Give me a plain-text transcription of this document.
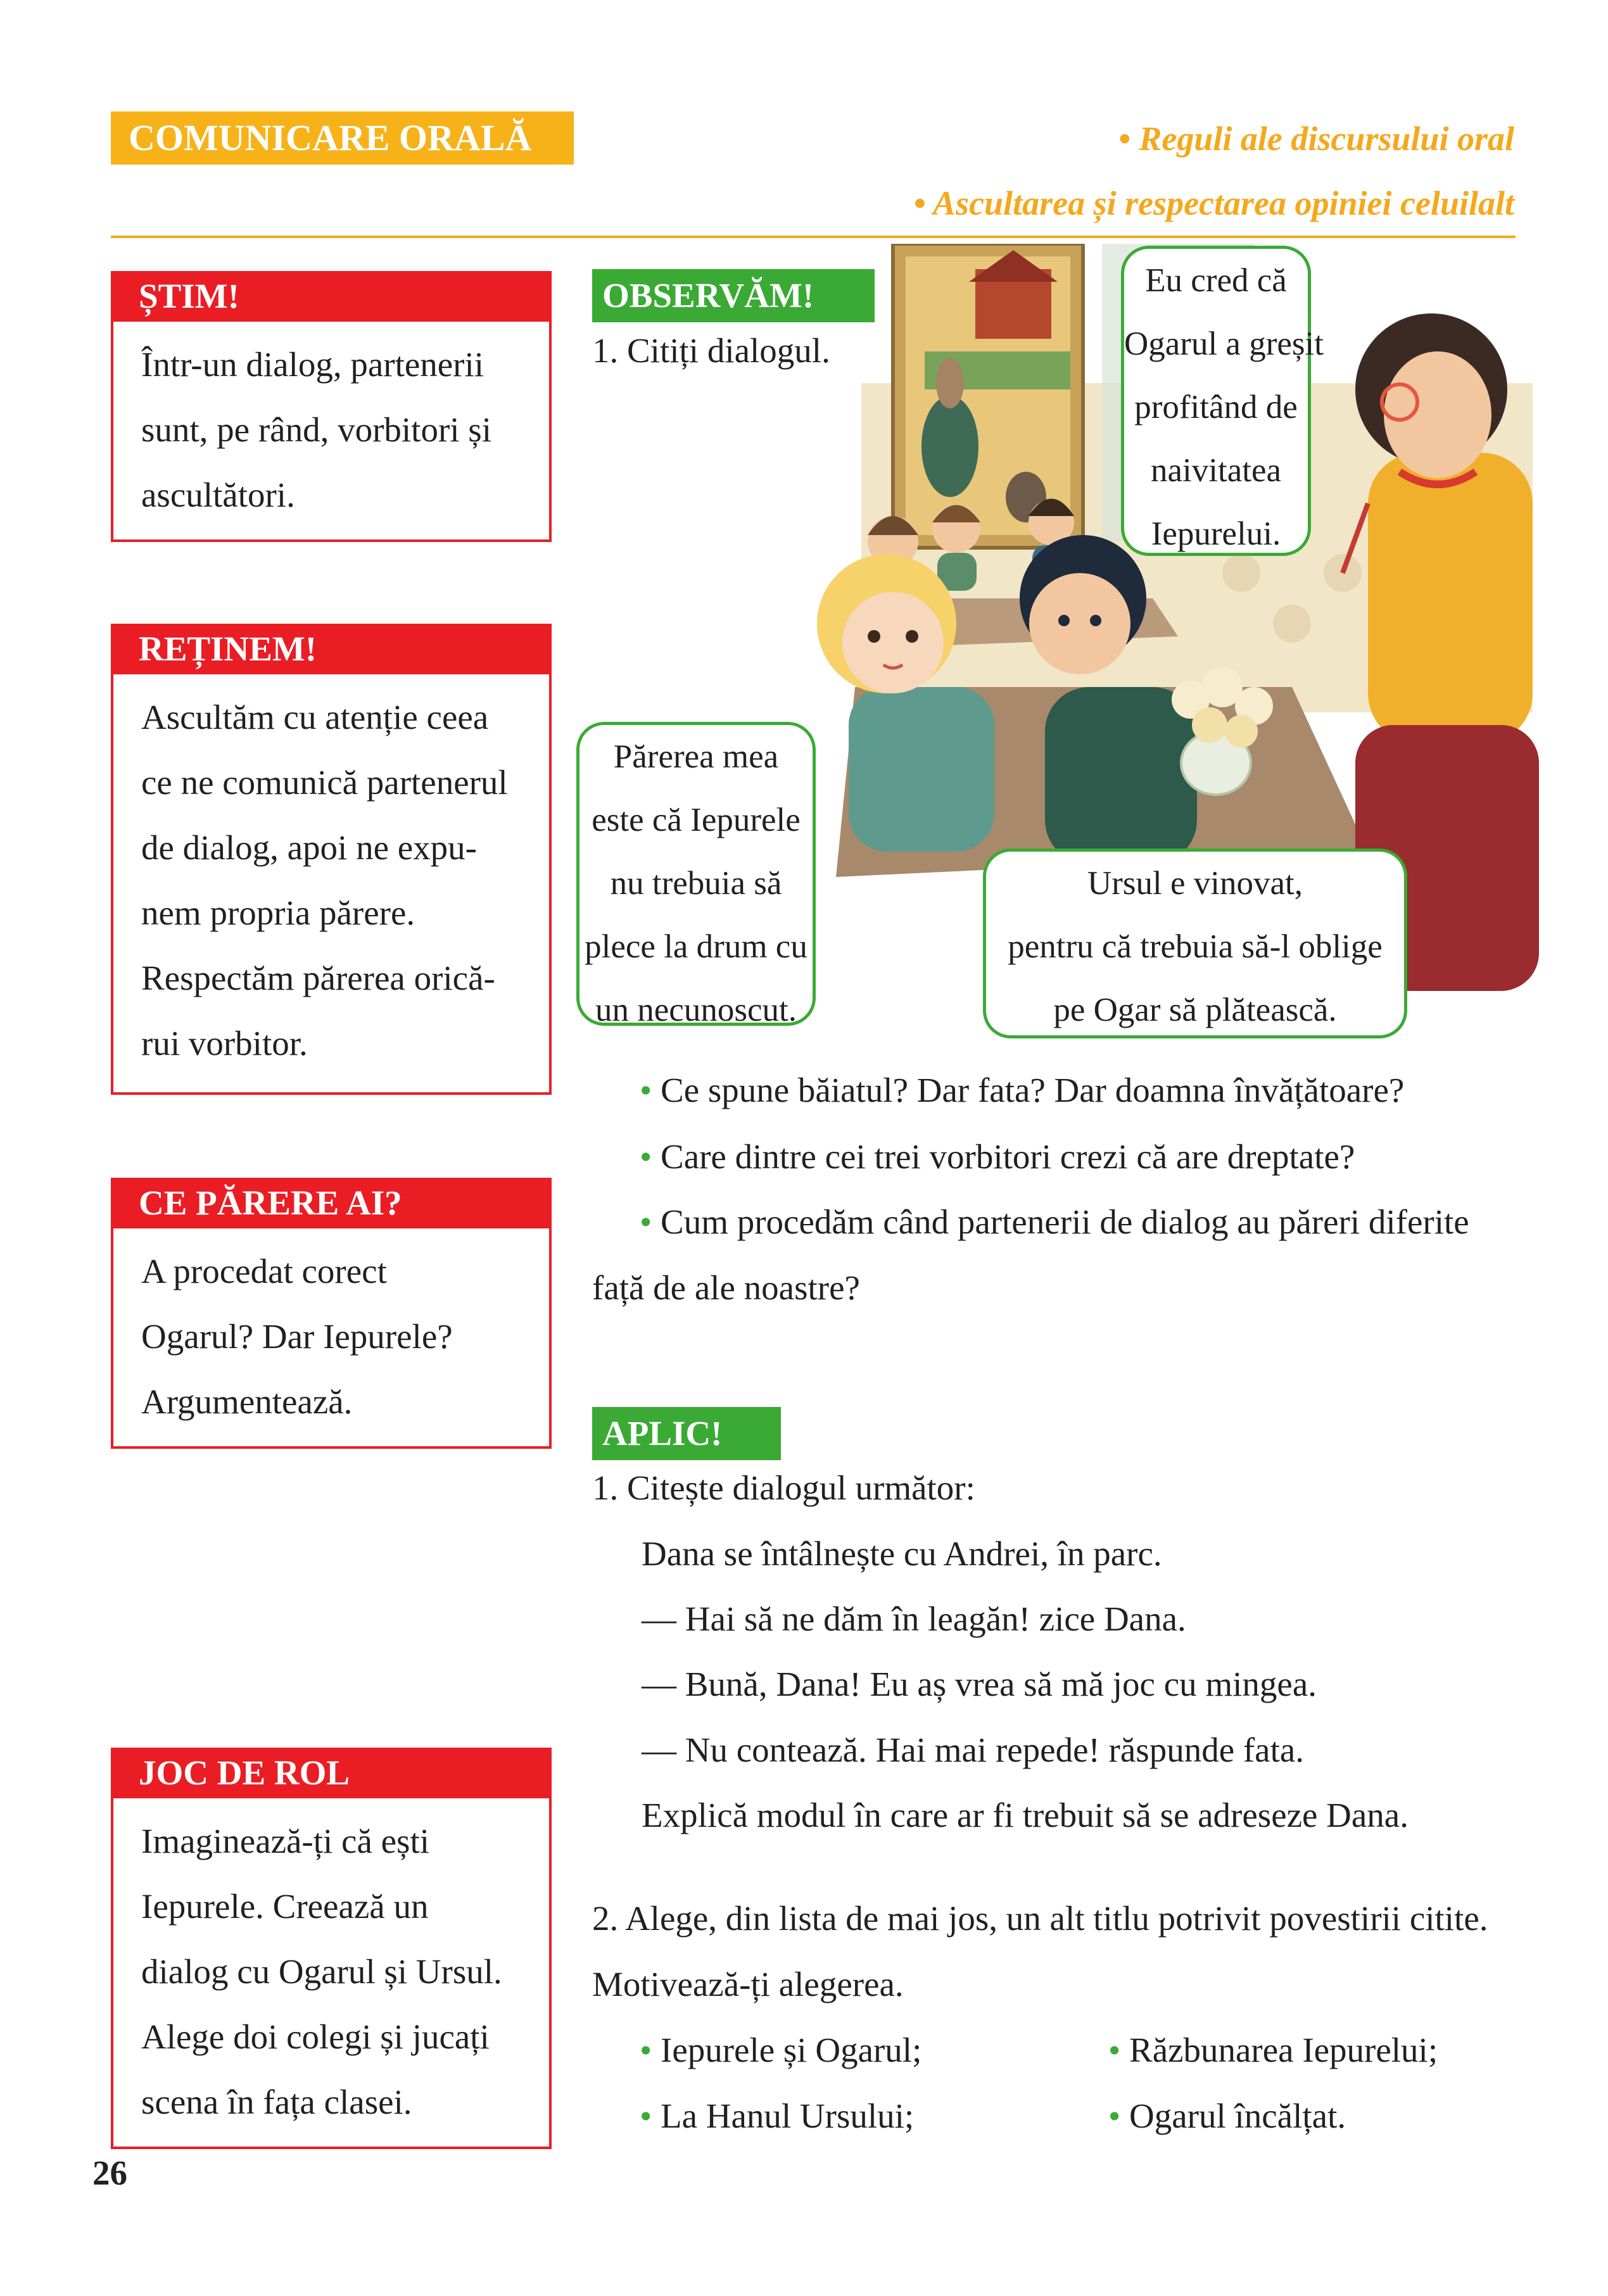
COMUNICARE ORALĂ	• Reguli ale discursului oral
• Ascultarea și respectarea opiniei celuilalt
ȘTIM!
Într-un dialog, partenerii
sunt, pe rând, vorbitori și
ascultători.
REȚINEM!
Ascultăm cu atenție ceea
ce ne comunică partenerul
de dialog, apoi ne expu-
nem propria părere.
Respectăm părerea orică-
rui vorbitor.
CE PĂRERE AI?
A procedat corect
Ogarul? Dar Iepurele?
Argumentează.
JOC DE ROL
Imaginează-ți că ești
Iepurele. Creează un
dialog cu Ogarul și Ursul.
Alege doi colegi și jucați
scena în fața clasei.
OBSERVĂM!
1. Citiți dialogul.
Eu cred că
Ogarul a greșit
profitând de
naivitatea
Iepurelui.
Părerea mea
este că Iepurele
nu trebuia să
plece la drum cu
un necunoscut.
Ursul e vinovat,
pentru că trebuia să-l oblige
pe Ogar să plătească.
• Ce spune băiatul? Dar fata? Dar doamna învățătoare?
• Care dintre cei trei vorbitori crezi că are dreptate?
• Cum procedăm când partenerii de dialog au păreri diferite
față de ale noastre?
APLIC!
1. Citește dialogul următor:
Dana se întâlnește cu Andrei, în parc.
— Hai să ne dăm în leagăn! zice Dana.
— Bună, Dana! Eu aș vrea să mă joc cu mingea.
— Nu contează. Hai mai repede! răspunde fata.
Explică modul în care ar fi trebuit să se adreseze Dana.
2. Alege, din lista de mai jos, un alt titlu potrivit povestirii citite.
Motivează-ți alegerea.
• Iepurele și Ogarul;	• Răzbunarea Iepurelui;
• La Hanul Ursului;	• Ogarul încălțat.
26
